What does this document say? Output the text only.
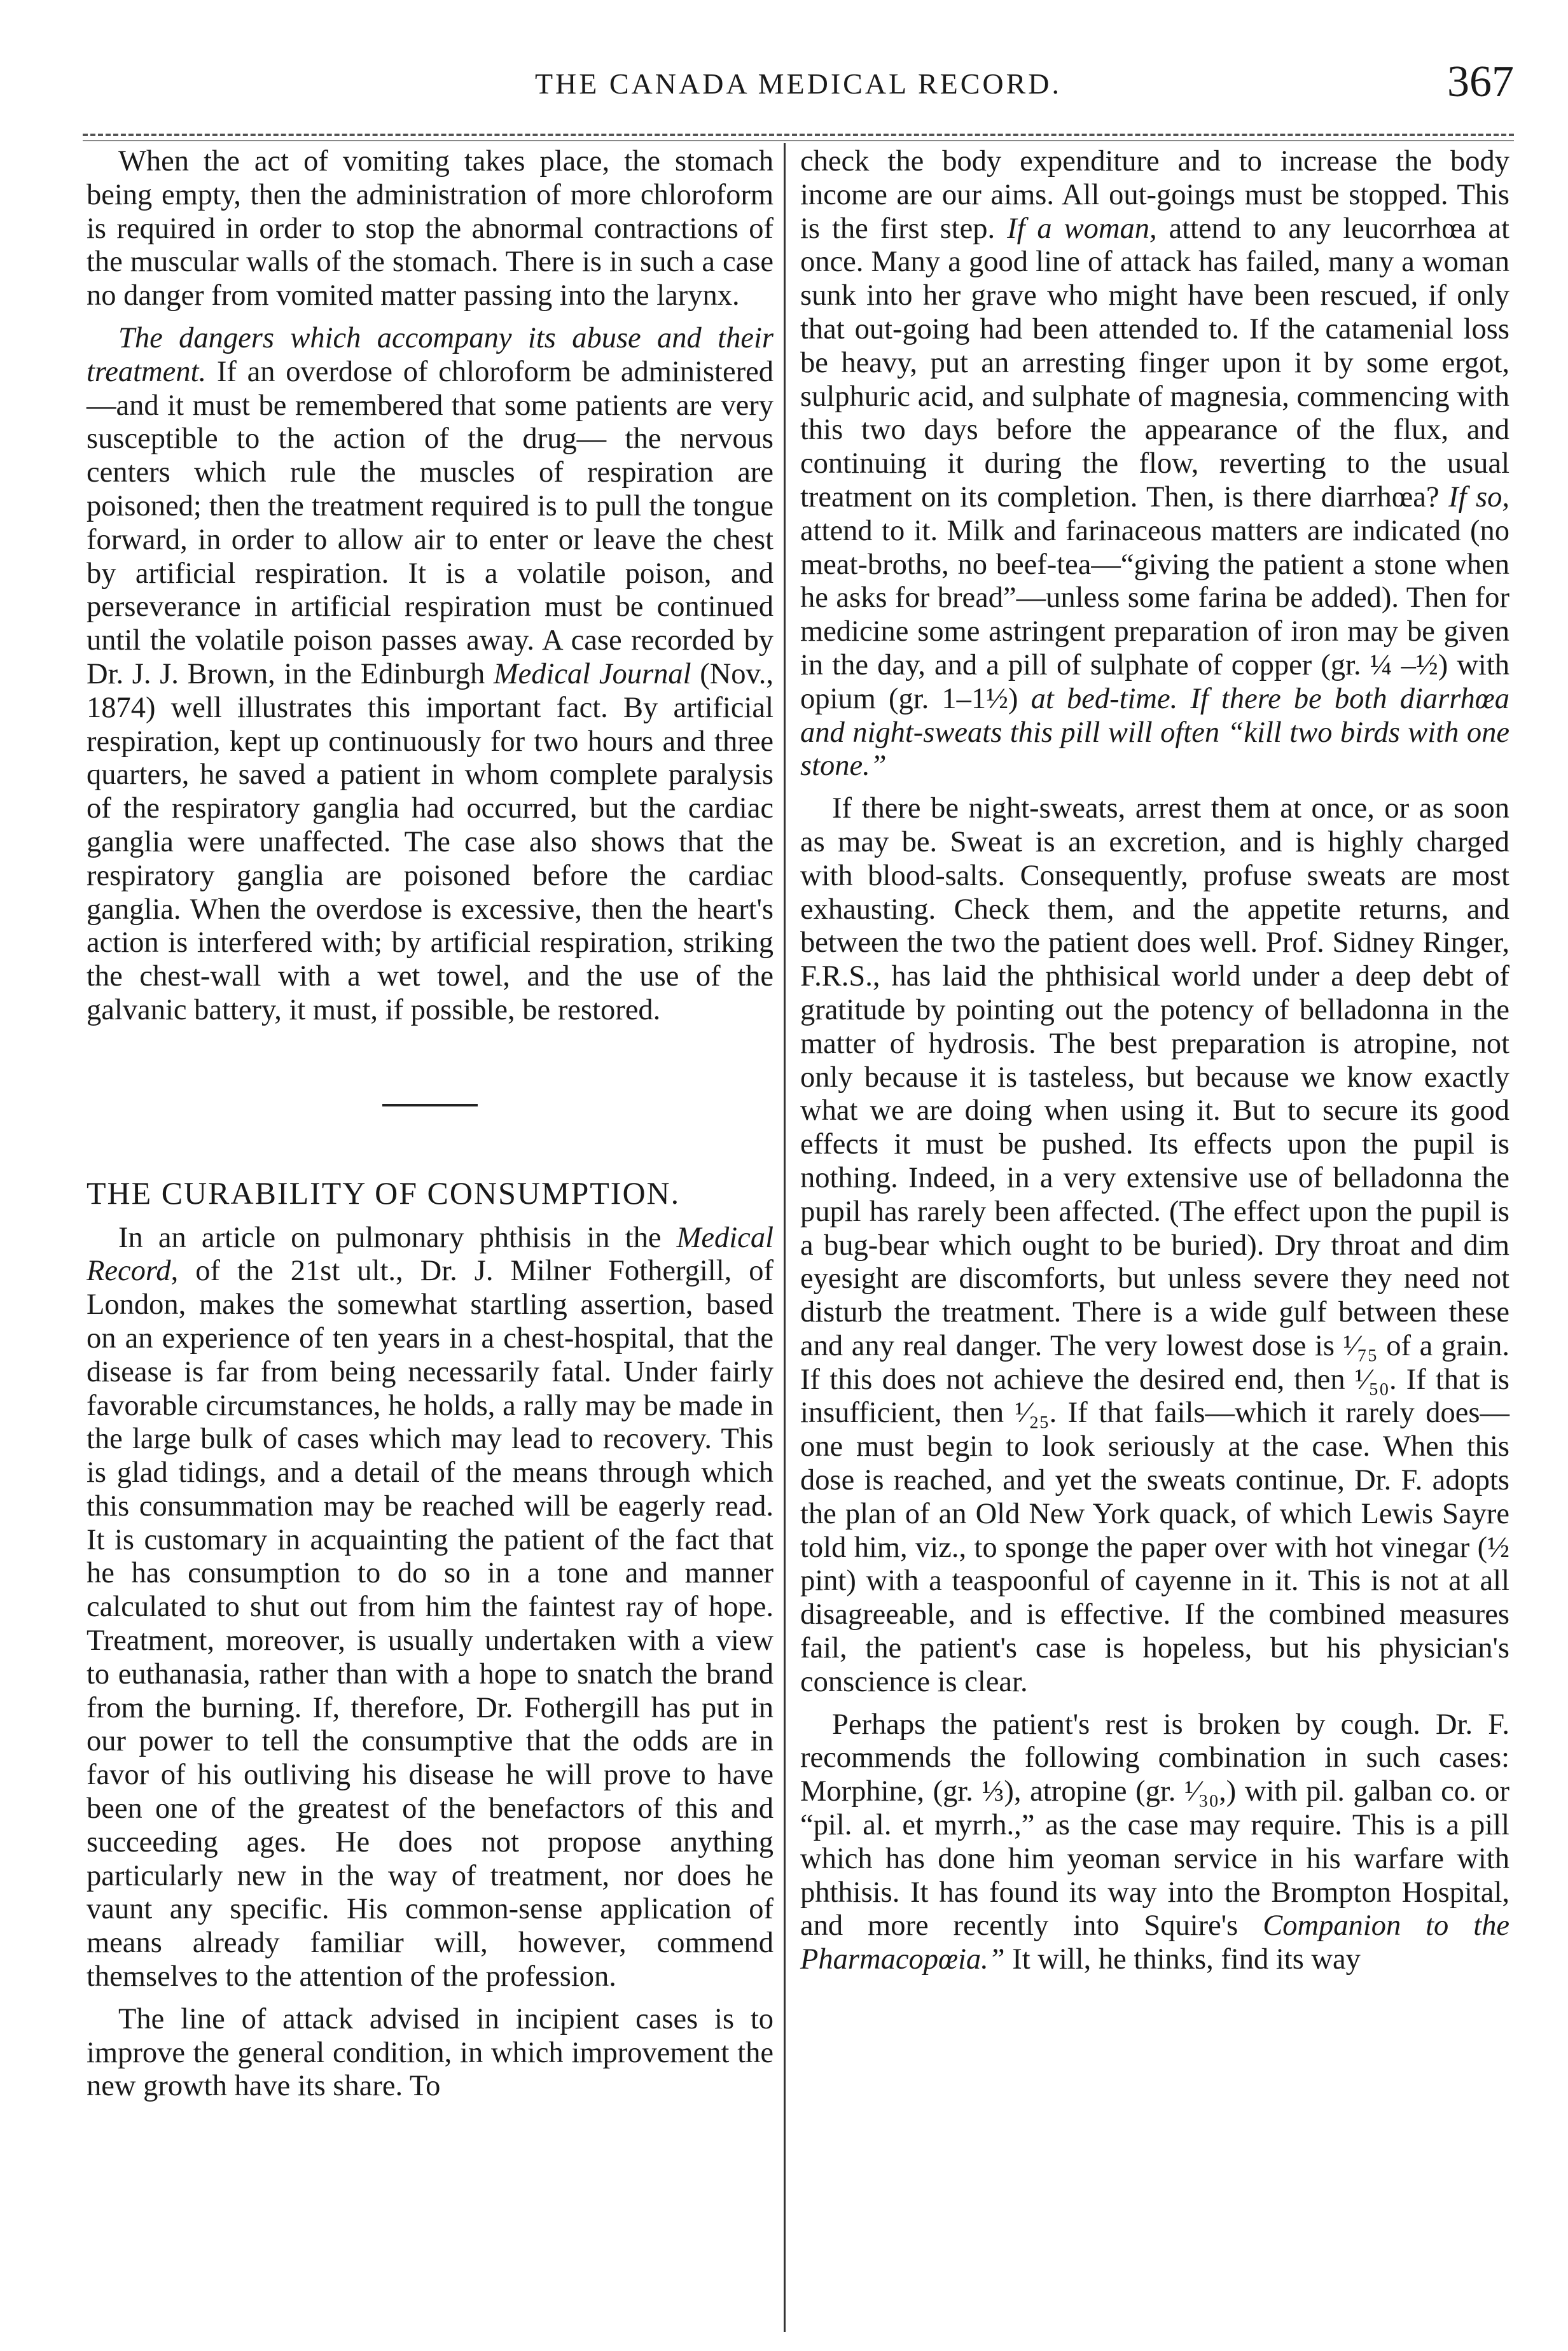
THE CANADA MEDICAL RECORD.	367

When the act of vomiting takes place, the stomach being empty, then the administration of more chloroform is required in order to stop the abnormal contractions of the muscular walls of the stomach. There is in such a case no danger from vomited matter passing into the larynx.

The dangers which accompany its abuse and their treatment. If an overdose of chloroform be administered—and it must be remembered that some patients are very susceptible to the action of the drug— the nervous centers which rule the muscles of respiration are poisoned; then the treatment required is to pull the tongue forward, in order to allow air to enter or leave the chest by artificial respiration. It is a volatile poison, and perseverance in artificial respiration must be continued until the volatile poison passes away. A case recorded by Dr. J. J. Brown, in the Edinburgh Medical Journal (Nov., 1874) well illustrates this important fact. By artificial respiration, kept up continuously for two hours and three quarters, he saved a patient in whom complete paralysis of the respiratory ganglia had occurred, but the cardiac ganglia were unaffected. The case also shows that the respiratory ganglia are poisoned before the cardiac ganglia. When the overdose is excessive, then the heart's action is interfered with; by artificial respiration, striking the chest-wall with a wet towel, and the use of the galvanic battery, it must, if possible, be restored.

THE CURABILITY OF CONSUMPTION.

In an article on pulmonary phthisis in the Medical Record, of the 21st ult., Dr. J. Milner Fothergill, of London, makes the somewhat startling assertion, based on an experience of ten years in a chest-hospital, that the disease is far from being necessarily fatal. Under fairly favorable circumstances, he holds, a rally may be made in the large bulk of cases which may lead to recovery. This is glad tidings, and a detail of the means through which this consummation may be reached will be eagerly read. It is customary in acquainting the patient of the fact that he has consumption to do so in a tone and manner calculated to shut out from him the faintest ray of hope. Treatment, moreover, is usually undertaken with a view to euthanasia, rather than with a hope to snatch the brand from the burning. If, therefore, Dr. Fothergill has put in our power to tell the consumptive that the odds are in favor of his outliving his disease he will prove to have been one of the greatest of the benefactors of this and succeeding ages. He does not propose anything particularly new in the way of treatment, nor does he vaunt any specific. His common-sense application of means already familiar will, however, commend themselves to the attention of the profession.

The line of attack advised in incipient cases is to improve the general condition, in which improvement the new growth have its share. To

check the body expenditure and to increase the body income are our aims. All out-goings must be stopped. This is the first step. If a woman, attend to any leucorrhœa at once. Many a good line of attack has failed, many a woman sunk into her grave who might have been rescued, if only that out-going had been attended to. If the catamenial loss be heavy, put an arresting finger upon it by some ergot, sulphuric acid, and sulphate of magnesia, commencing with this two days before the appearance of the flux, and continuing it during the flow, reverting to the usual treatment on its completion. Then, is there diarrhœa? If so, attend to it. Milk and farinaceous matters are indicated (no meat-broths, no beef-tea—“giving the patient a stone when he asks for bread”—unless some farina be added). Then for medicine some astringent preparation of iron may be given in the day, and a pill of sulphate of copper (gr. ¼ –½) with opium (gr. 1–1½) at bed-time. If there be both diarrhœa and night-sweats this pill will often “kill two birds with one stone.”

If there be night-sweats, arrest them at once, or as soon as may be. Sweat is an excretion, and is highly charged with blood-salts. Consequently, profuse sweats are most exhausting. Check them, and the appetite returns, and between the two the patient does well. Prof. Sidney Ringer, F.R.S., has laid the phthisical world under a deep debt of gratitude by pointing out the potency of belladonna in the matter of hydrosis. The best preparation is atropine, not only because it is tasteless, but because we know exactly what we are doing when using it. But to secure its good effects it must be pushed. Its effects upon the pupil is nothing. Indeed, in a very extensive use of belladonna the pupil has rarely been affected. (The effect upon the pupil is a bug-bear which ought to be buried). Dry throat and dim eyesight are discomforts, but unless severe they need not disturb the treatment. There is a wide gulf between these and any real danger. The very lowest dose is ¹⁄₇₅ of a grain. If this does not achieve the desired end, then ¹⁄₅₀. If that is insufficient, then ¹⁄₂₅. If that fails—which it rarely does—one must begin to look seriously at the case. When this dose is reached, and yet the sweats continue, Dr. F. adopts the plan of an Old New York quack, of which Lewis Sayre told him, viz., to sponge the paper over with hot vinegar (½ pint) with a teaspoonful of cayenne in it. This is not at all disagreeable, and is effective. If the combined measures fail, the patient's case is hopeless, but his physician's conscience is clear.

Perhaps the patient's rest is broken by cough. Dr. F. recommends the following combination in such cases: Morphine, (gr. ⅓), atropine (gr. ¹⁄₃₀,) with pil. galban co. or “pil. al. et myrrh.,” as the case may require. This is a pill which has done him yeoman service in his warfare with phthisis. It has found its way into the Brompton Hospital, and more recently into Squire's Companion to the Pharmacopœia.” It will, he thinks, find its way
